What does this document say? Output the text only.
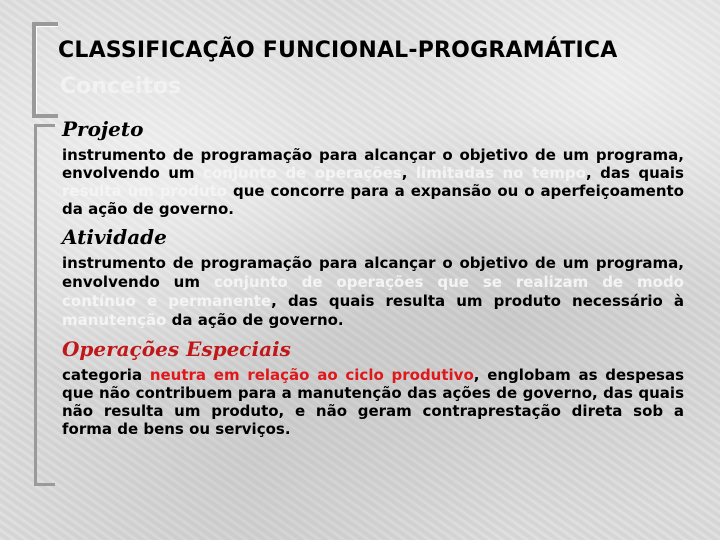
CLASSIFICAÇÃO FUNCIONAL-PROGRAMÁTICA
Conceitos
Projeto

instrumento de programação para alcançar o objetivo de um programa, envolvendo um conjunto de operações, limitadas no tempo, das quais resulta um produto que concorre para a expansão ou o aperfeiçoamento da ação de governo.

Atividade

instrumento de programação para alcançar o objetivo de um programa, envolvendo um conjunto de operações que se realizam de modo contínuo e permanente, das quais resulta um produto necessário à manutenção da ação de governo.

Operações Especiais

categoria neutra em relação ao ciclo produtivo, englobam as despesas que não contribuem para a manutenção das ações de governo, das quais não resulta um produto, e não geram contraprestação direta sob a forma de bens ou serviços.
